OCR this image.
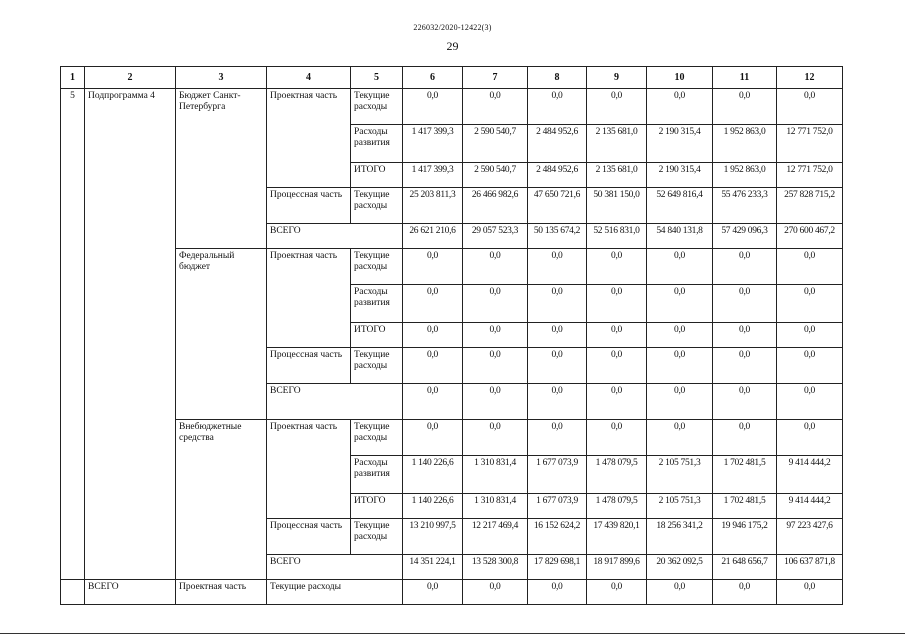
226032/2020-12422(3)
29
1	2	3	4	5	6	7	8	9	10	11	12
5	Подпрограмма 4	Бюджет Санкт-Петербурга	Проектная часть	Текущие расходы	0,0	0,0	0,0	0,0	0,0	0,0	0,0
				Расходы развития	1 417 399,3	2 590 540,7	2 484 952,6	2 135 681,0	2 190 315,4	1 952 863,0	12 771 752,0
				ИТОГО	1 417 399,3	2 590 540,7	2 484 952,6	2 135 681,0	2 190 315,4	1 952 863,0	12 771 752,0
			Процессная часть	Текущие расходы	25 203 811,3	26 466 982,6	47 650 721,6	50 381 150,0	52 649 816,4	55 476 233,3	257 828 715,2
			ВСЕГО		26 621 210,6	29 057 523,3	50 135 674,2	52 516 831,0	54 840 131,8	57 429 096,3	270 600 467,2
		Федеральный бюджет	Проектная часть	Текущие расходы	0,0	0,0	0,0	0,0	0,0	0,0	0,0
				Расходы развития	0,0	0,0	0,0	0,0	0,0	0,0	0,0
				ИТОГО	0,0	0,0	0,0	0,0	0,0	0,0	0,0
			Процессная часть	Текущие расходы	0,0	0,0	0,0	0,0	0,0	0,0	0,0
			ВСЕГО		0,0	0,0	0,0	0,0	0,0	0,0	0,0
		Внебюджетные средства	Проектная часть	Текущие расходы	0,0	0,0	0,0	0,0	0,0	0,0	0,0
				Расходы развития	1 140 226,6	1 310 831,4	1 677 073,9	1 478 079,5	2 105 751,3	1 702 481,5	9 414 444,2
				ИТОГО	1 140 226,6	1 310 831,4	1 677 073,9	1 478 079,5	2 105 751,3	1 702 481,5	9 414 444,2
			Процессная часть	Текущие расходы	13 210 997,5	12 217 469,4	16 152 624,2	17 439 820,1	18 256 341,2	19 946 175,2	97 223 427,6
			ВСЕГО		14 351 224,1	13 528 300,8	17 829 698,1	18 917 899,6	20 362 092,5	21 648 656,7	106 637 871,8
	ВСЕГО	Проектная часть	Текущие расходы		0,0	0,0	0,0	0,0	0,0	0,0	0,0
